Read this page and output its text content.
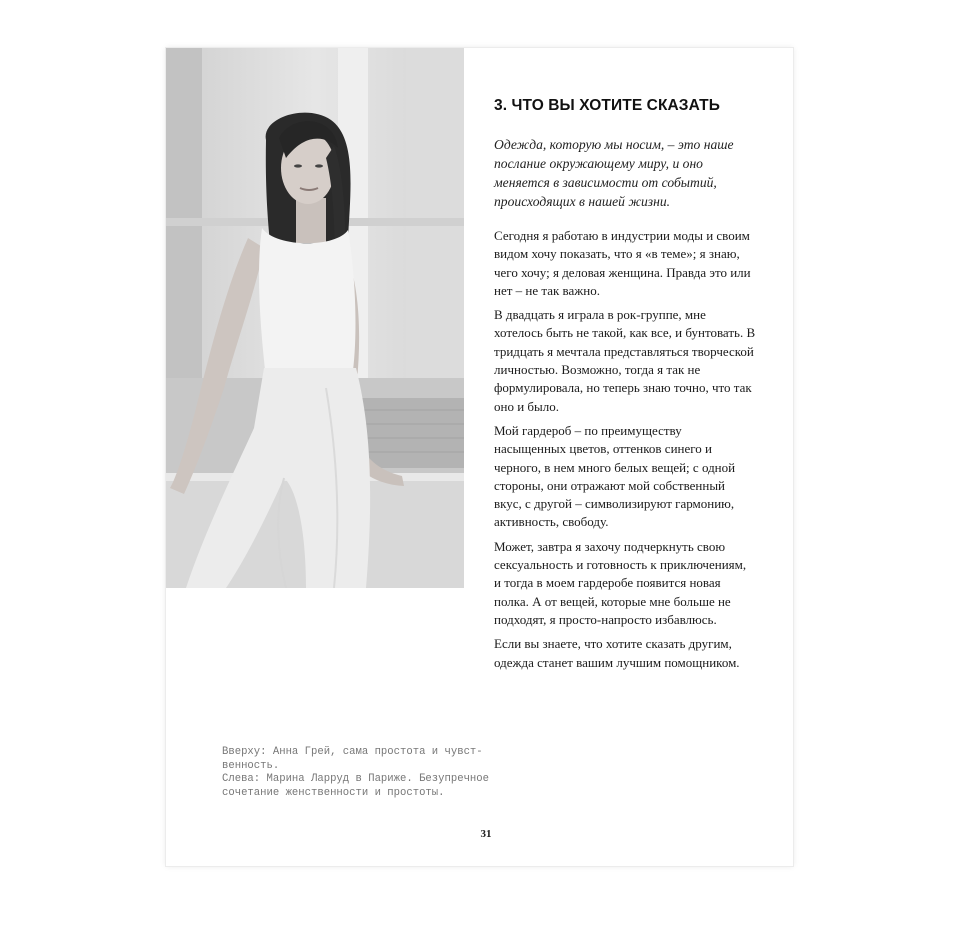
3. ЧТО ВЫ ХОТИТЕ СКАЗАТЬ

Одежда, которую мы носим, – это наше послание окружающему миру, и оно меняется в зависимости от событий, происходящих в нашей жизни.

Сегодня я работаю в индустрии моды и своим видом хочу показать, что я «в теме»; я знаю, чего хочу; я деловая женщина. Правда это или нет – не так важно.

В двадцать я играла в рок-группе, мне хотелось быть не такой, как все, и бунтовать. В тридцать я мечтала представляться творческой личностью. Возможно, тогда я так не формулировала, но теперь знаю точно, что так оно и было.

Мой гардероб – по преимуществу насыщенных цветов, оттенков синего и черного, в нем много белых вещей; с одной стороны, они отражают мой собственный вкус, с другой – символизируют гармонию, активность, свободу.

Может, завтра я захочу подчеркнуть свою сексуальность и готовность к приключениям, и тогда в моем гардеробе появится новая полка. А от вещей, которые мне больше не подходят, я просто-напросто избавлюсь.

Если вы знаете, что хотите сказать другим, одежда станет вашим лучшим помощником.

Вверху: Анна Грей, сама простота и чувст-
венность.
Слева: Марина Ларруд в Париже. Безупречное
сочетание женственности и простоты.
31
